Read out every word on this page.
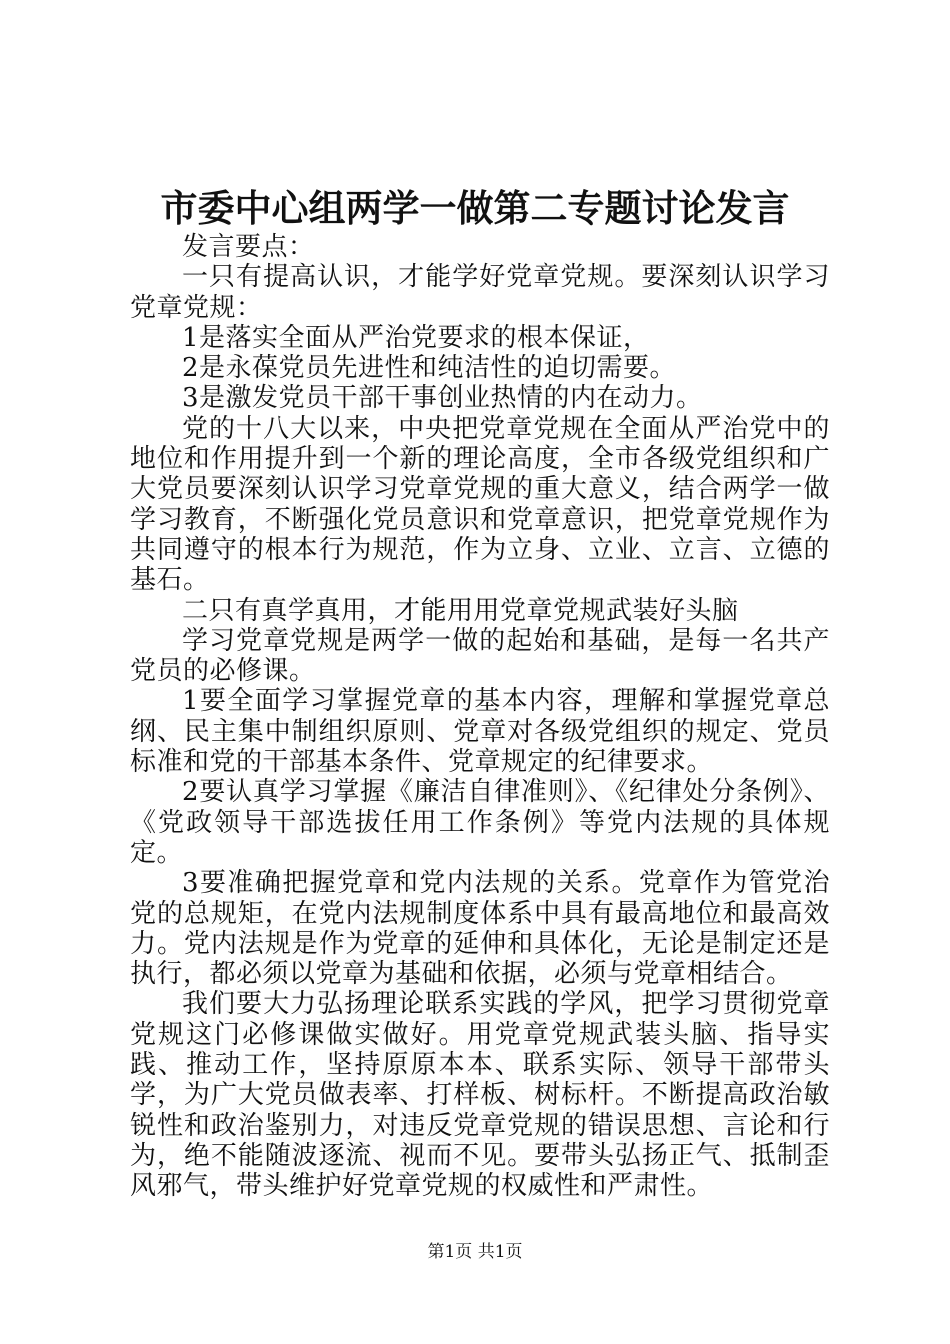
市委中心组两学一做第二专题讨论发言

发言要点：

一只有提高认识，才能学好党章党规。要深刻认识学习党章党规：

1是落实全面从严治党要求的根本保证，

2是永葆党员先进性和纯洁性的迫切需要。

3是激发党员干部干事创业热情的内在动力。

党的十八大以来，中央把党章党规在全面从严治党中的地位和作用提升到一个新的理论高度，全市各级党组织和广大党员要深刻认识学习党章党规的重大意义，结合两学一做学习教育，不断强化党员意识和党章意识，把党章党规作为共同遵守的根本行为规范，作为立身、立业、立言、立德的基石。

二只有真学真用，才能用用党章党规武装好头脑

学习党章党规是两学一做的起始和基础，是每一名共产党员的必修课。

1要全面学习掌握党章的基本内容，理解和掌握党章总纲、民主集中制组织原则、党章对各级党组织的规定、党员标准和党的干部基本条件、党章规定的纪律要求。

2要认真学习掌握《廉洁自律准则》、《纪律处分条例》、《党政领导干部选拔任用工作条例》等党内法规的具体规定。

3要准确把握党章和党内法规的关系。党章作为管党治党的总规矩，在党内法规制度体系中具有最高地位和最高效力。党内法规是作为党章的延伸和具体化，无论是制定还是执行，都必须以党章为基础和依据，必须与党章相结合。

我们要大力弘扬理论联系实践的学风，把学习贯彻党章党规这门必修课做实做好。用党章党规武装头脑、指导实践、推动工作，坚持原原本本、联系实际、领导干部带头学，为广大党员做表率、打样板、树标杆。不断提高政治敏锐性和政治鉴别力，对违反党章党规的错误思想、言论和行为，绝不能随波逐流、视而不见。要带头弘扬正气、抵制歪风邪气，带头维护好党章党规的权威性和严肃性。

第1页 共1页
